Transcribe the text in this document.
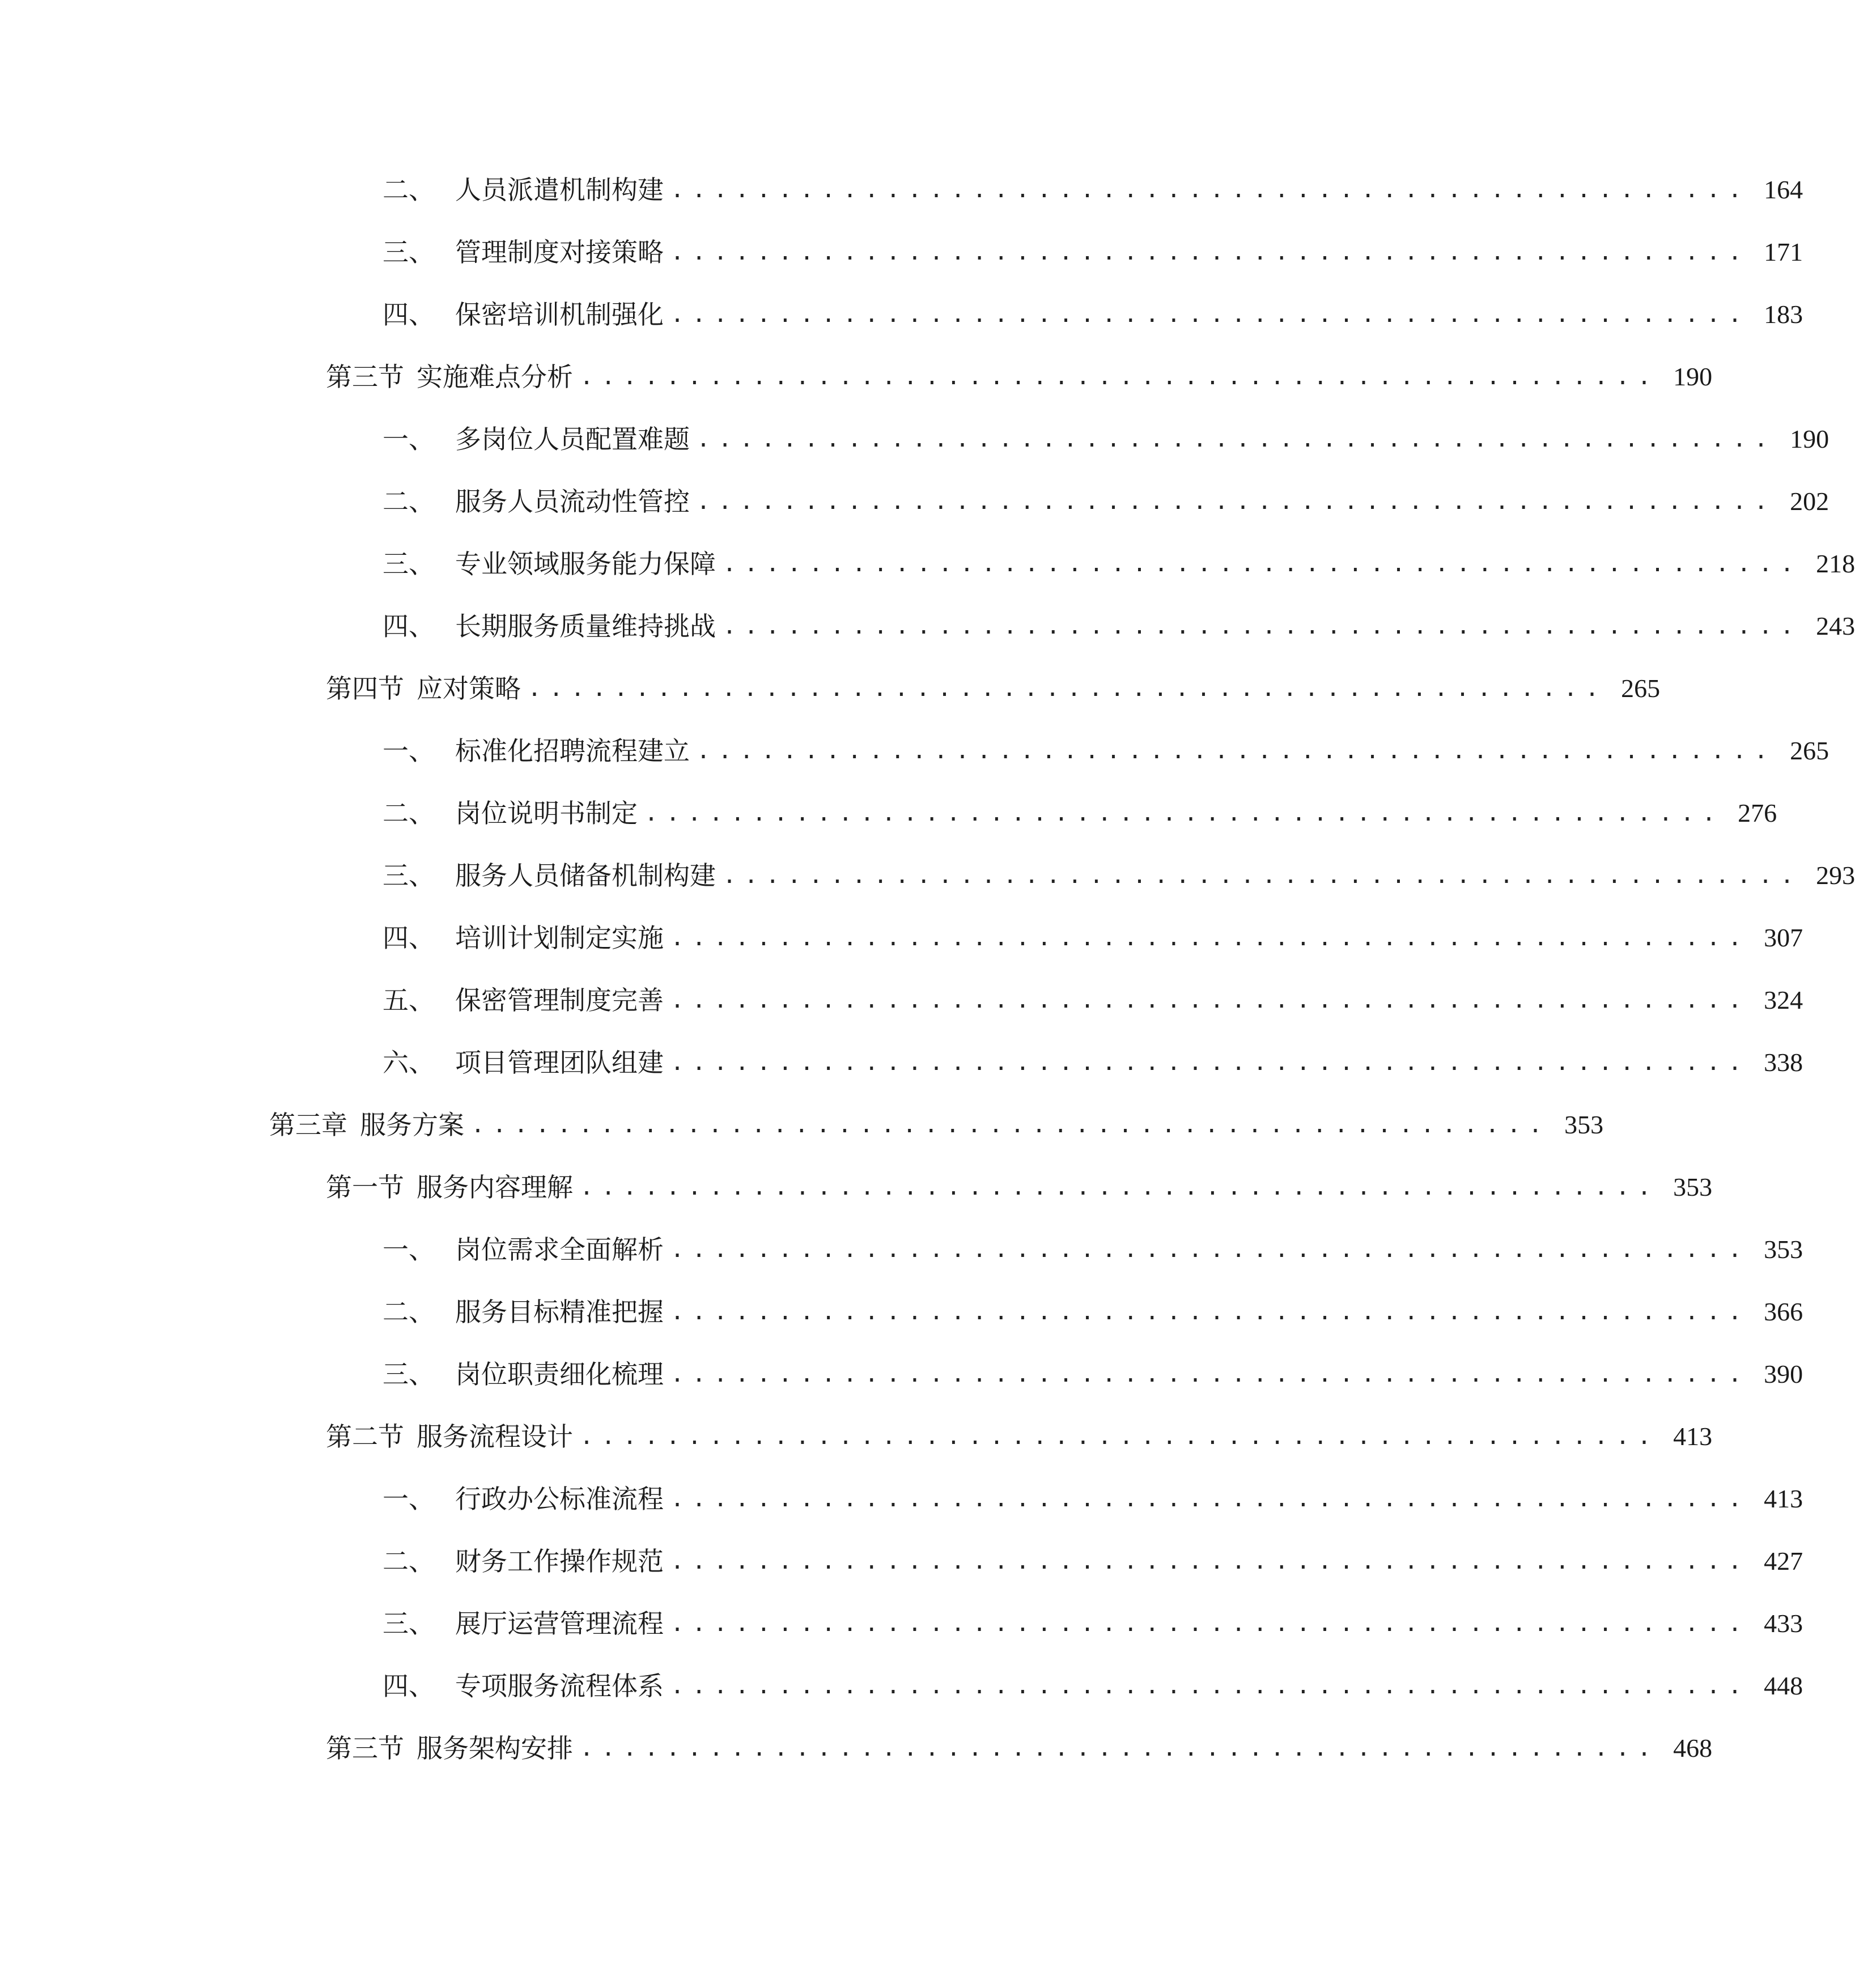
二、 人员派遣机制构建 .................................................. 164
三、 管理制度对接策略 .................................................. 171
四、 保密培训机制强化 .................................................. 183
第三节 实施难点分析 .................................................. 190
一、 多岗位人员配置难题 .................................................. 190
二、 服务人员流动性管控 .................................................. 202
三、 专业领域服务能力保障 .................................................. 218
四、 长期服务质量维持挑战 .................................................. 243
第四节 应对策略 .................................................. 265
一、 标准化招聘流程建立 .................................................. 265
二、 岗位说明书制定 .................................................. 276
三、 服务人员储备机制构建 .................................................. 293
四、 培训计划制定实施 .................................................. 307
五、 保密管理制度完善 .................................................. 324
六、 项目管理团队组建 .................................................. 338
第三章 服务方案 .................................................. 353
第一节 服务内容理解 .................................................. 353
一、 岗位需求全面解析 .................................................. 353
二、 服务目标精准把握 .................................................. 366
三、 岗位职责细化梳理 .................................................. 390
第二节 服务流程设计 .................................................. 413
一、 行政办公标准流程 .................................................. 413
二、 财务工作操作规范 .................................................. 427
三、 展厅运营管理流程 .................................................. 433
四、 专项服务流程体系 .................................................. 448
第三节 服务架构安排 .................................................. 468
